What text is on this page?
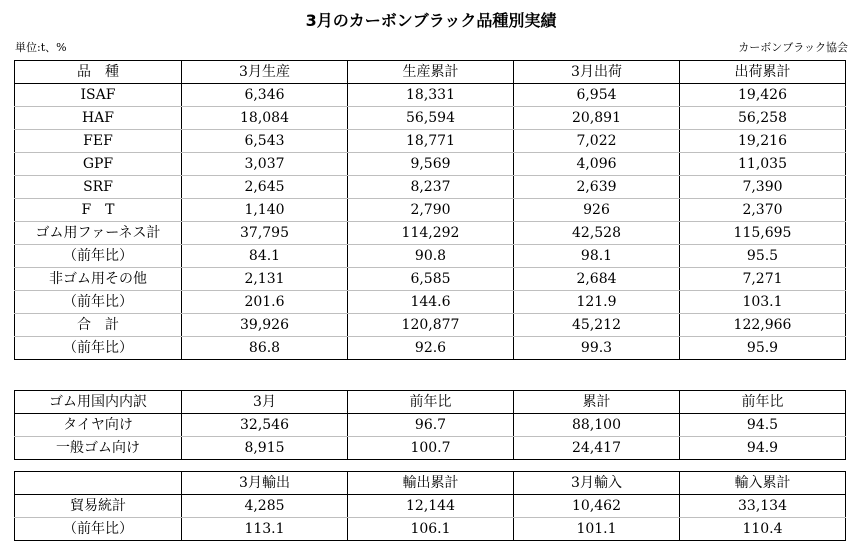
3月のカーボンブラック品種別実績
単位:t、%	カーボンブラック協会
品　種	3月生産	生産累計	3月出荷	出荷累計
ISAF	6,346	18,331	6,954	19,426
HAF	18,084	56,594	20,891	56,258
FEF	6,543	18,771	7,022	19,216
GPF	3,037	9,569	4,096	11,035
SRF	2,645	8,237	2,639	7,390
F　T	1,140	2,790	926	2,370
ゴム用ファーネス計	37,795	114,292	42,528	115,695
（前年比）	84.1	90.8	98.1	95.5
非ゴム用その他	2,131	6,585	2,684	7,271
（前年比）	201.6	144.6	121.9	103.1
合　計	39,926	120,877	45,212	122,966
（前年比）	86.8	92.6	99.3	95.9
ゴム用国内内訳	3月	前年比	累計	前年比
タイヤ向け	32,546	96.7	88,100	94.5
一般ゴム向け	8,915	100.7	24,417	94.9
	3月輸出	輸出累計	3月輸入	輸入累計
貿易統計	4,285	12,144	10,462	33,134
（前年比）	113.1	106.1	101.1	110.4
